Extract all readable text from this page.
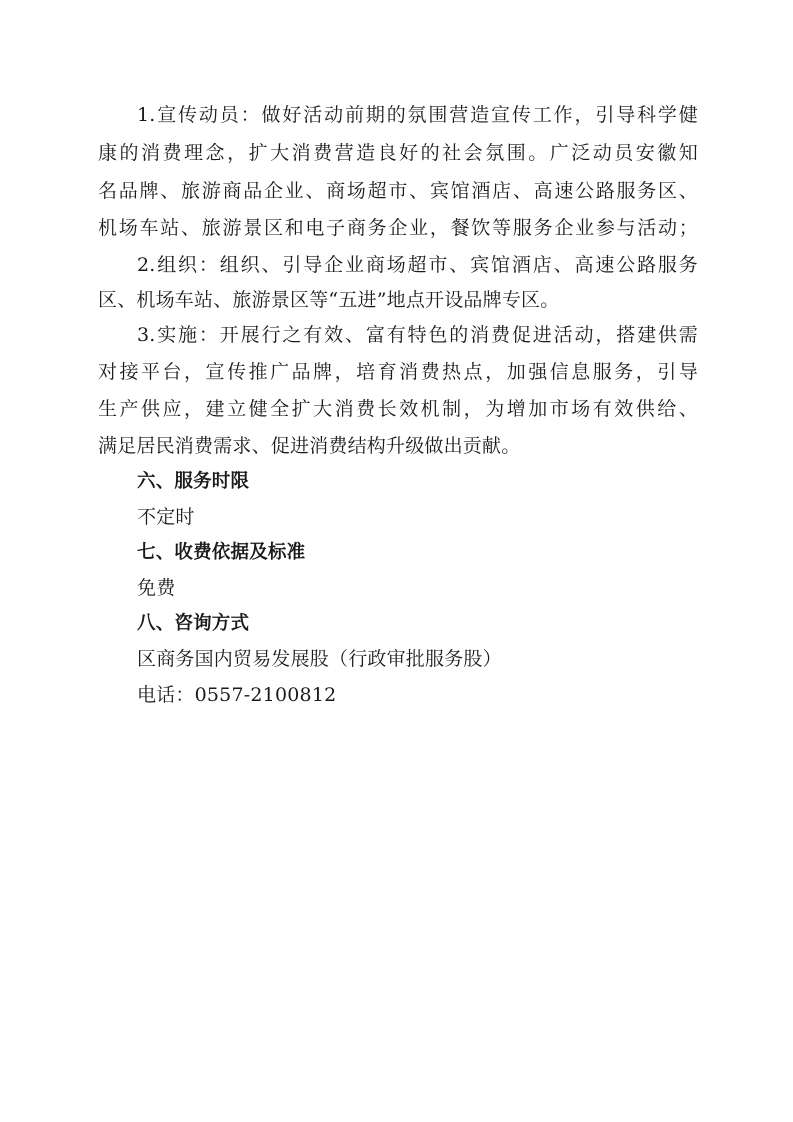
1.宣传动员：做好活动前期的氛围营造宣传工作，引导科学健
康的消费理念，扩大消费营造良好的社会氛围。广泛动员安徽知
名品牌、旅游商品企业、商场超市、宾馆酒店、高速公路服务区、
机场车站、旅游景区和电子商务企业，餐饮等服务企业参与活动；
2.组织：组织、引导企业商场超市、宾馆酒店、高速公路服务
区、机场车站、旅游景区等“五进”地点开设品牌专区。
3.实施：开展行之有效、富有特色的消费促进活动，搭建供需
对接平台，宣传推广品牌，培育消费热点，加强信息服务，引导
生产供应，建立健全扩大消费长效机制，为增加市场有效供给、
满足居民消费需求、促进消费结构升级做出贡献。
六、服务时限
不定时
七、收费依据及标准
免费
八、咨询方式
区商务国内贸易发展股（行政审批服务股）
电话：0557-2100812
